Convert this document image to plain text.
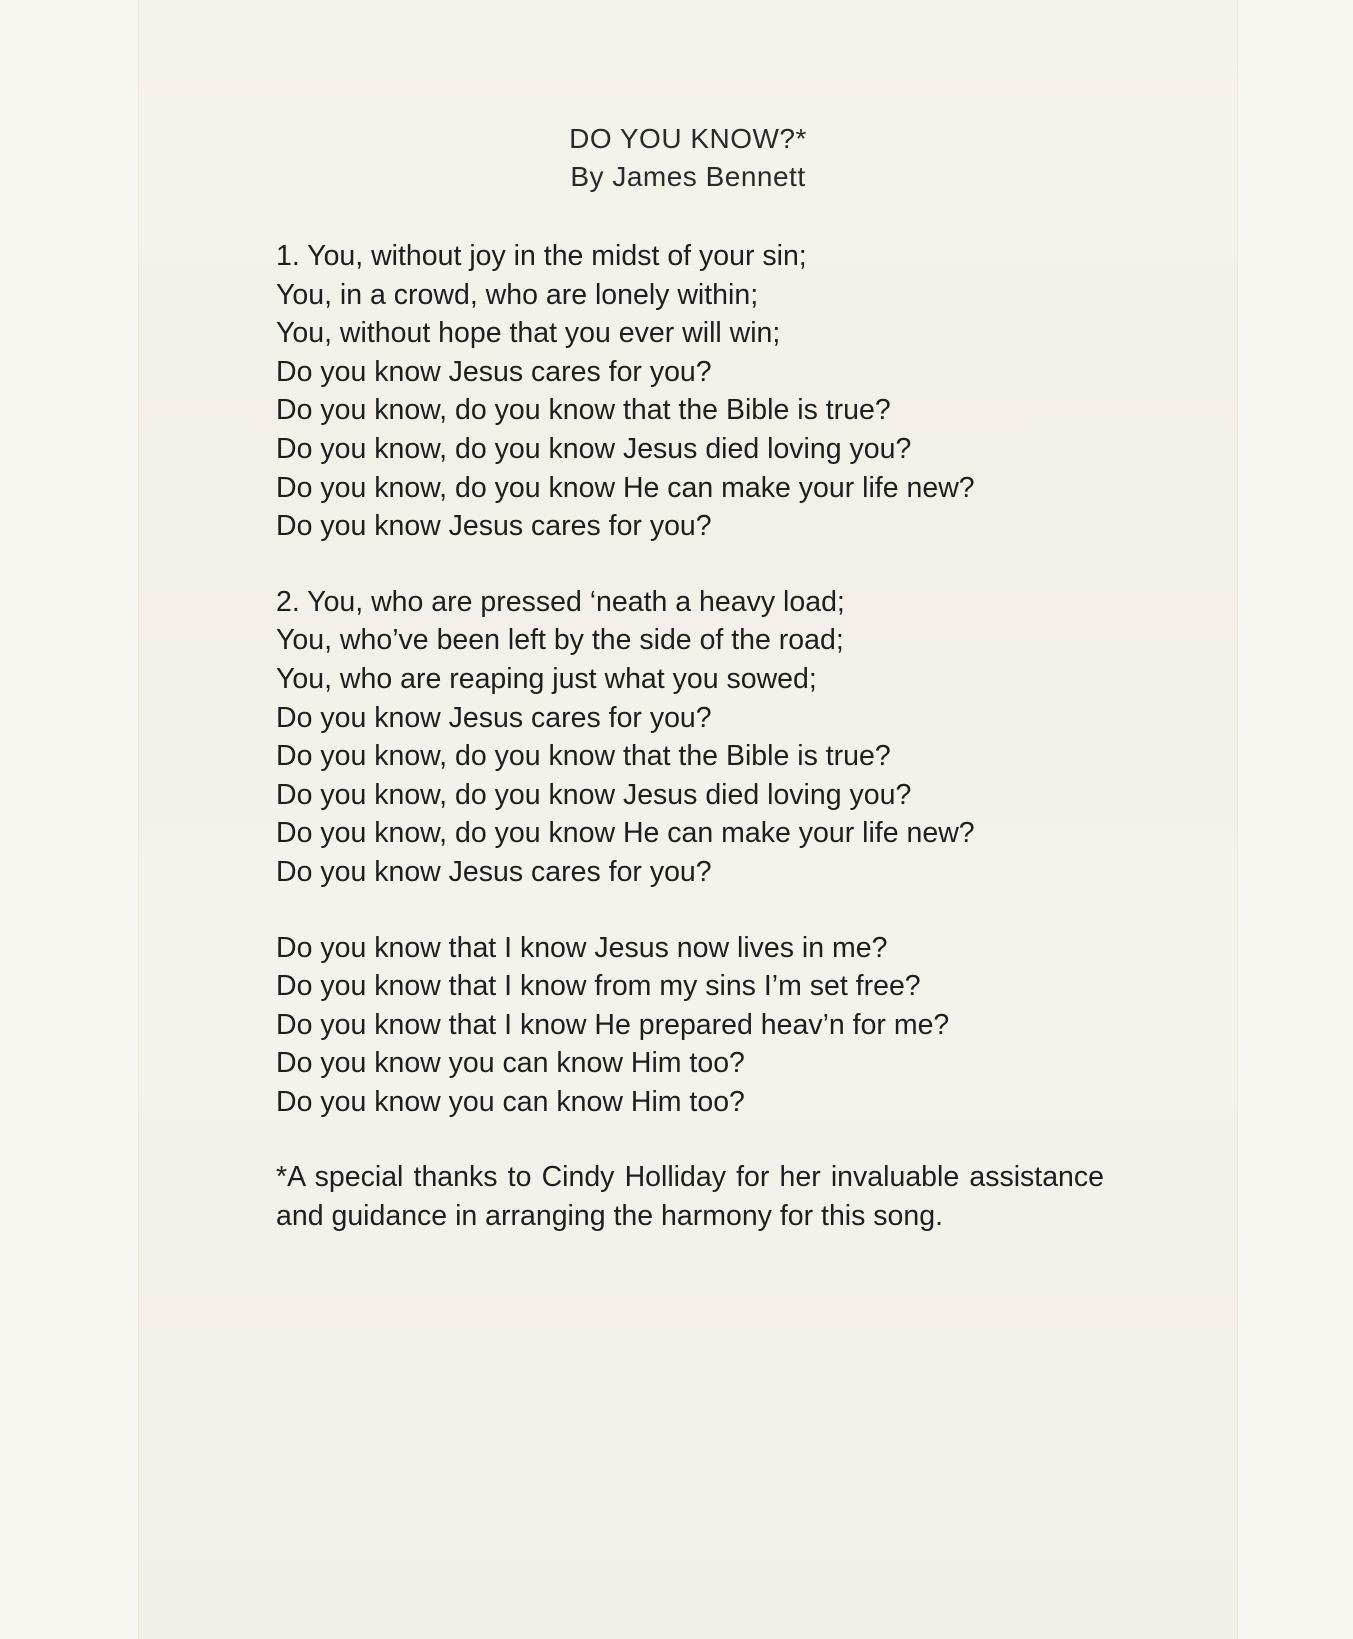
DO YOU KNOW?*
By James Bennett
1. You, without joy in the midst of your sin;
You, in a crowd, who are lonely within;
You, without hope that you ever will win;
Do you know Jesus cares for you?
Do you know, do you know that the Bible is true?
Do you know, do you know Jesus died loving you?
Do you know, do you know He can make your life new?
Do you know Jesus cares for you?
2. You, who are pressed ‘neath a heavy load;
You, who’ve been left by the side of the road;
You, who are reaping just what you sowed;
Do you know Jesus cares for you?
Do you know, do you know that the Bible is true?
Do you know, do you know Jesus died loving you?
Do you know, do you know He can make your life new?
Do you know Jesus cares for you?
Do you know that I know Jesus now lives in me?
Do you know that I know from my sins I’m set free?
Do you know that I know He prepared heav’n for me?
Do you know you can know Him too?
Do you know you can know Him too?
*A special thanks to Cindy Holliday for her invaluable assistance and guidance in arranging the harmony for this song.
